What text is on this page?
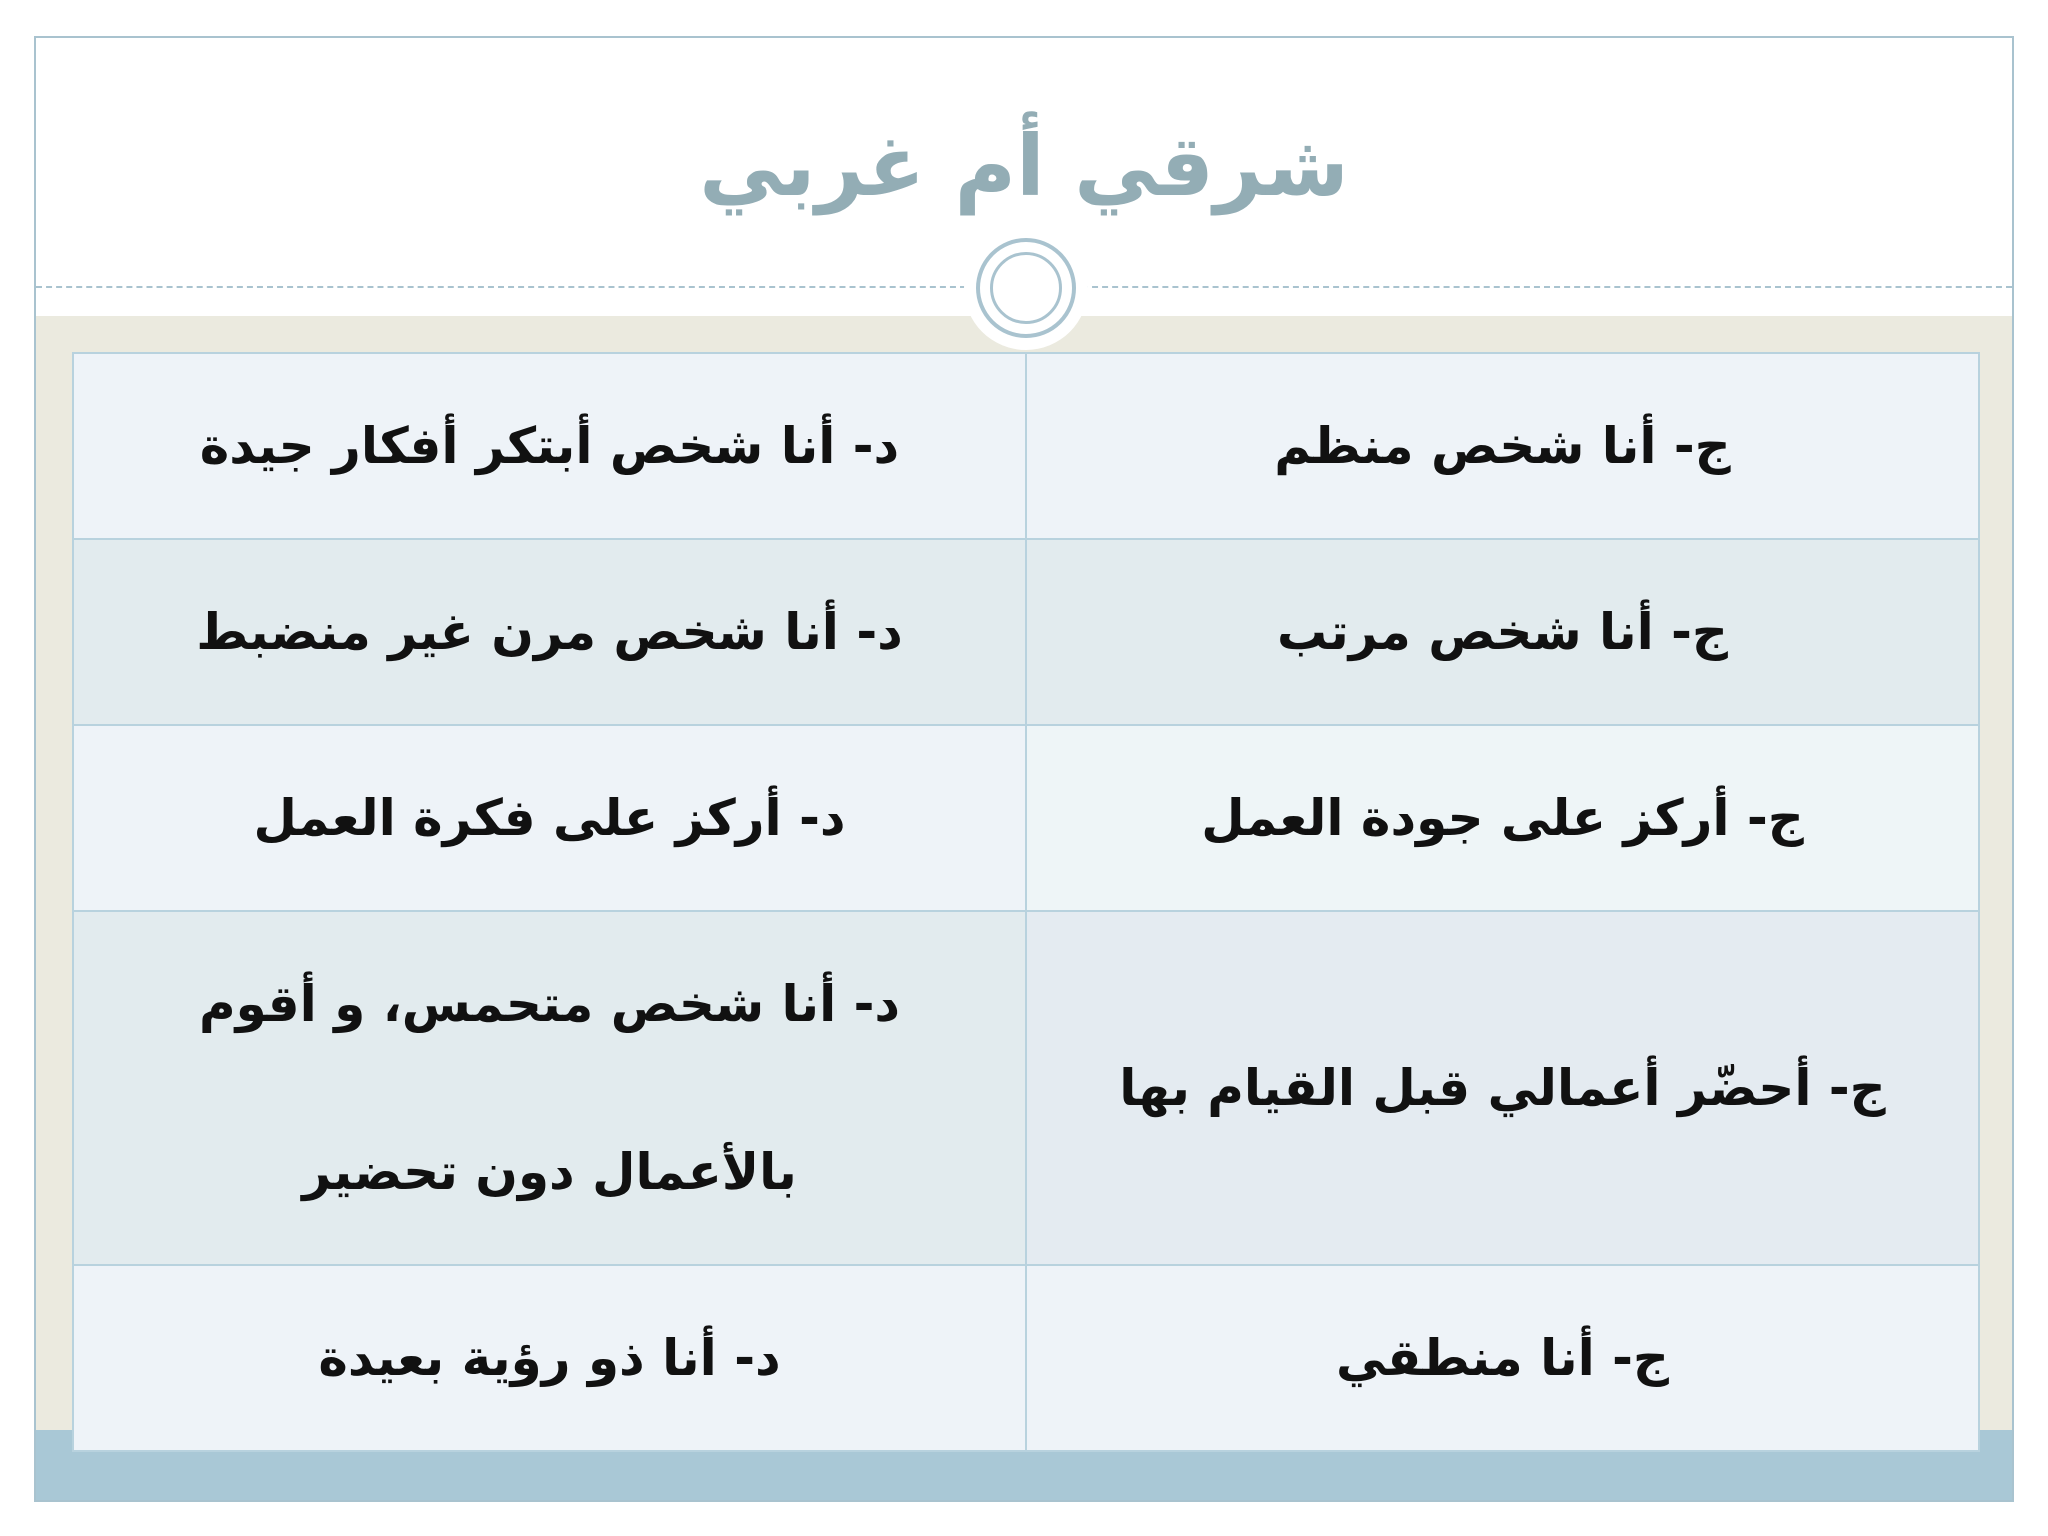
شرقي أم غربي
ج- أنا شخص منظم	د- أنا شخص أبتكر أفكار جيدة
ج- أنا شخص مرتب	د- أنا شخص مرن غير منضبط
ج- أركز على جودة العمل	د- أركز على فكرة العمل
ج- أحضّر أعمالي قبل القيام بها	د- أنا شخص متحمس، و أقوم بالأعمال دون تحضير
ج- أنا منطقي	د- أنا ذو رؤية بعيدة
